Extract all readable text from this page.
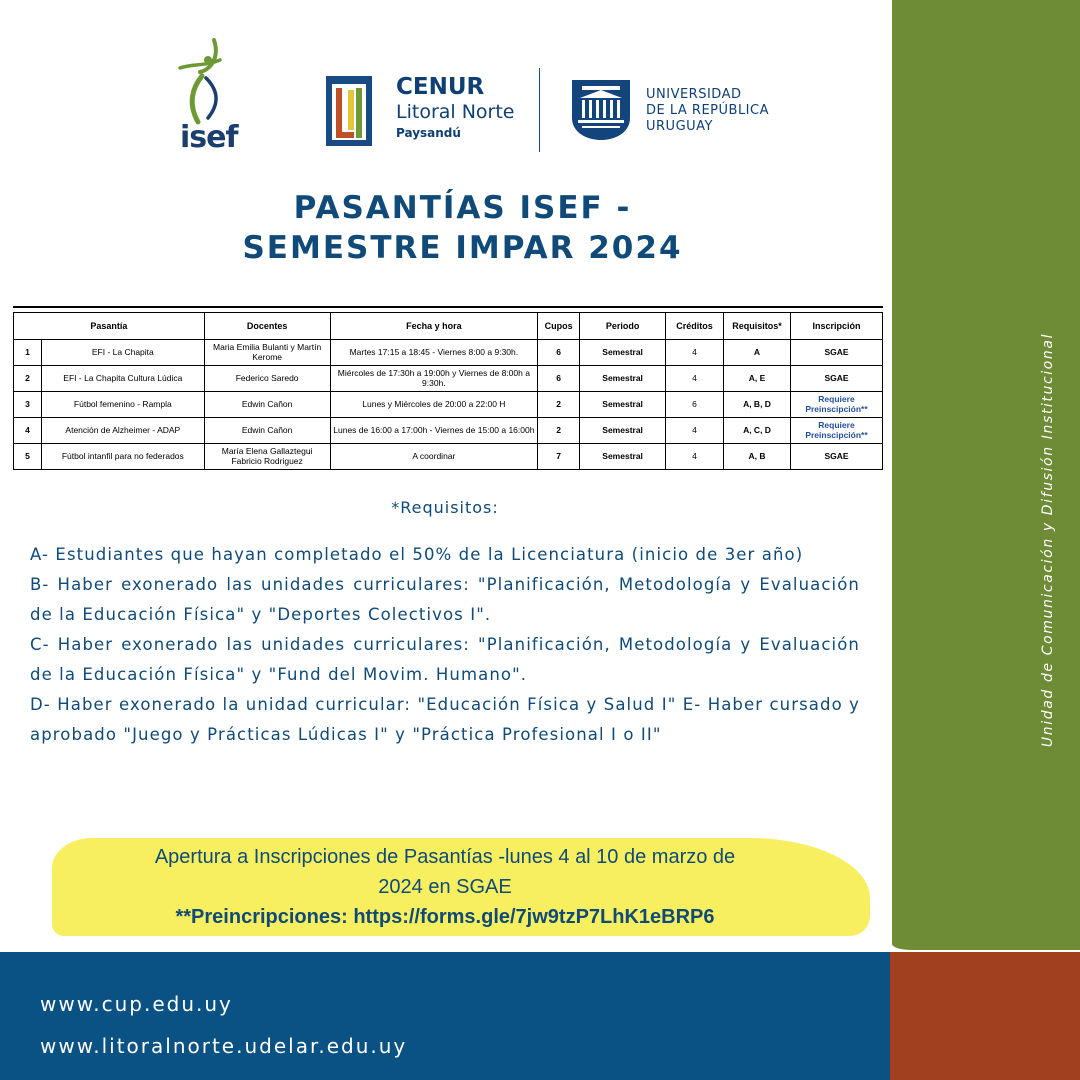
Unidad de Comunicación y Difusión Institucional
isef
CENUR
Litoral Norte
Paysandú
UNIVERSIDAD
DE LA REPÚBLICA
URUGUAY
PASANTÍAS ISEF -
SEMESTRE IMPAR 2024
Pasantía		Docentes	Fecha y hora	Cupos	Periodo	Créditos	Requisitos*	Inscripción
1	EFI - La Chapita	Maria Emilia Bulanti y Martín Kerome	Martes 17:15 a 18:45 - Viernes 8:00 a 9:30h.	6	Semestral	4	A	SGAE
2	EFI - La Chapita Cultura Lúdica	Federico Saredo	Miércoles de 17:30h a 19:00h y Viernes de 8:00h a 9:30h.	6	Semestral	4	A, E	SGAE
3	Fútbol femenino - Rampla	Edwin Cañon	Lunes y Miércoles de 20:00 a 22:00 H	2	Semestral	6	A, B, D	Requiere Preinscipción**
4	Atención de Alzheimer - ADAP	Edwin Cañon	Lunes de 16:00 a 17:00h - Viernes de 15:00 a 16:00h	2	Semestral	4	A, C, D	Requiere Preinscipción**
5	Fútbol intanfil para no federados	María Elena Gallaztegui Fabricio Rodriguez	A coordinar	7	Semestral	4	A, B	SGAE
*Requisitos:

A- Estudiantes que hayan completado el 50% de la Licenciatura (inicio de 3er año)

B- Haber exonerado las unidades curriculares: "Planificación, Metodología y Evaluación de la Educación Física" y "Deportes Colectivos I".

C- Haber exonerado las unidades curriculares: "Planificación, Metodología y Evaluación de la Educación Física" y "Fund del Movim. Humano".

D- Haber exonerado la unidad curricular: "Educación Física y Salud I" E- Haber cursado y aprobado "Juego y Prácticas Lúdicas I" y "Práctica Profesional I o II"

Apertura a Inscripciones de Pasantías -lunes 4 al 10 de marzo de
2024 en SGAE
**Preincripciones: https://forms.gle/7jw9tzP7LhK1eBRP6
www.cup.edu.uy
www.litoralnorte.udelar.edu.uy
